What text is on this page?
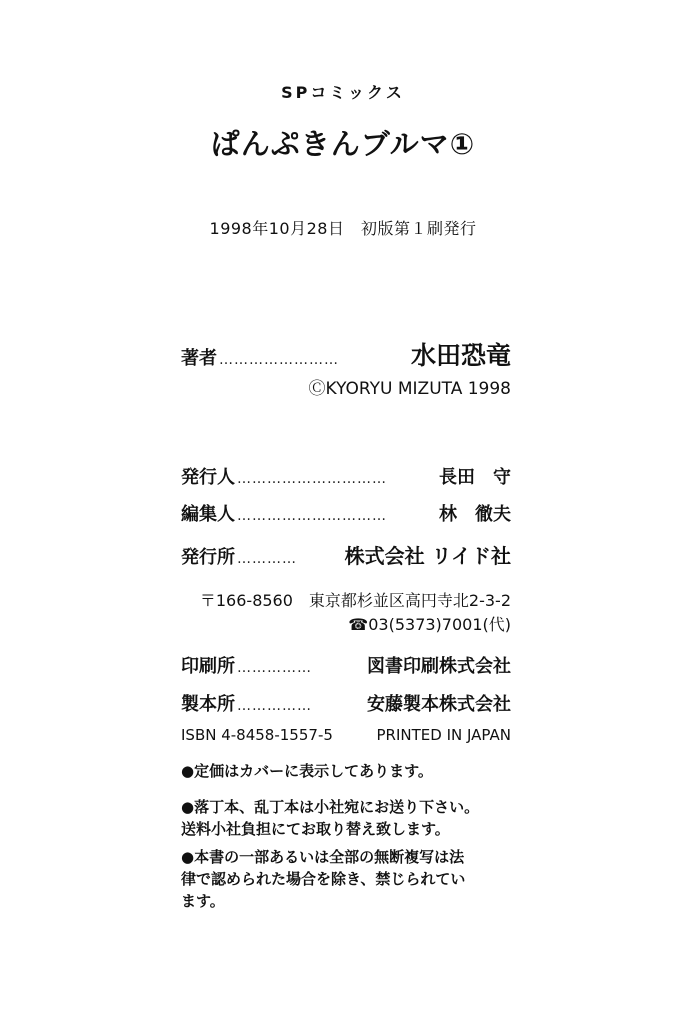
SPコミックス
ぱんぷきんブルマ①
1998年10月28日　初版第１刷発行
著者 ……………………	水田恐竜
ⒸKYORYU MIZUTA 1998
発行人 …………………………	長田　守
編集人 …………………………	林　徹夫
発行所 …………	株式会社 リイド社
〒166-8560　東京都杉並区高円寺北2-3-2
☎03(5373)7001(代)
印刷所 ……………	図書印刷株式会社
製本所 ……………	安藤製本株式会社
ISBN 4-8458-1557-5	PRINTED IN JAPAN
●定価はカバーに表示してあります。
●落丁本、乱丁本は小社宛にお送り下さい。
送料小社負担にてお取り替え致します。
●本書の一部あるいは全部の無断複写は法
律で認められた場合を除き、禁じられてい
ます。
